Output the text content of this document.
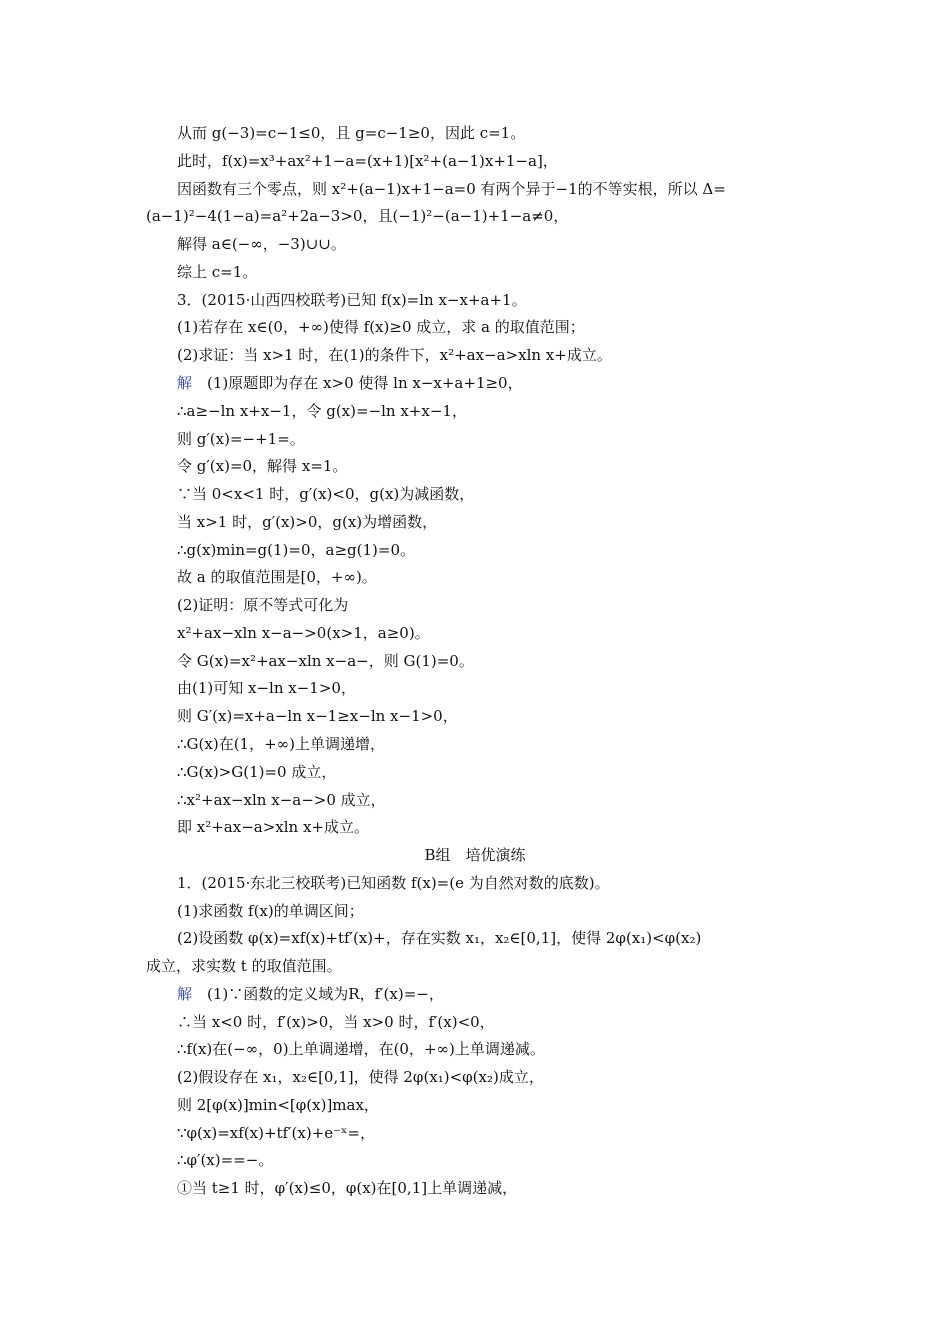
从而 g(−3)=c−1≤0，且 g=c−1≥0，因此 c=1。
此时，f(x)=x³+ax²+1−a=(x+1)[x²+(a−1)x+1−a]，
因函数有三个零点，则 x²+(a−1)x+1−a=0 有两个异于−1的不等实根，所以 Δ=
(a−1)²−4(1−a)=a²+2a−3>0，且(−1)²−(a−1)+1−a≠0，
解得 a∈(−∞，−3)∪∪。
综上 c=1。
3．(2015·山西四校联考)已知 f(x)=ln x−x+a+1。
(1)若存在 x∈(0，+∞)使得 f(x)≥0 成立，求 a 的取值范围；
(2)求证：当 x>1 时，在(1)的条件下，x²+ax−a>xln x+成立。
解　 (1)原题即为存在 x>0 使得 ln x−x+a+1≥0，
∴a≥−ln x+x−1，令 g(x)=−ln x+x−1，
则 g′(x)=−+1=。
令 g′(x)=0，解得 x=1。
∵当 0<x<1 时，g′(x)<0，g(x)为减函数，
当 x>1 时，g′(x)>0，g(x)为增函数，
∴g(x)min=g(1)=0，a≥g(1)=0。
故 a 的取值范围是[0，+∞)。
(2)证明：原不等式可化为
x²+ax−xln x−a−>0(x>1，a≥0)。
令 G(x)=x²+ax−xln x−a−，则 G(1)=0。
由(1)可知 x−ln x−1>0，
则 G′(x)=x+a−ln x−1≥x−ln x−1>0，
∴G(x)在(1，+∞)上单调递增，
∴G(x)>G(1)=0 成立，
∴x²+ax−xln x−a−>0 成立，
即 x²+ax−a>xln x+成立。
B组　培优演练
1．(2015·东北三校联考)已知函数 f(x)=(e 为自然对数的底数)。
(1)求函数 f(x)的单调区间；
(2)设函数 φ(x)=xf(x)+tf′(x)+，存在实数 x₁，x₂∈[0,1]，使得 2φ(x₁)<φ(x₂)
成立，求实数 t 的取值范围。
解　 (1)∵函数的定义域为R，f′(x)=−，
∴当 x<0 时，f′(x)>0，当 x>0 时，f′(x)<0，
∴f(x)在(−∞，0)上单调递增，在(0，+∞)上单调递减。
(2)假设存在 x₁，x₂∈[0,1]，使得 2φ(x₁)<φ(x₂)成立，
则 2[φ(x)]min<[φ(x)]max，
∵φ(x)=xf(x)+tf′(x)+e⁻ˣ=，
∴φ′(x)==−。
①当 t≥1 时，φ′(x)≤0，φ(x)在[0,1]上单调递减，
